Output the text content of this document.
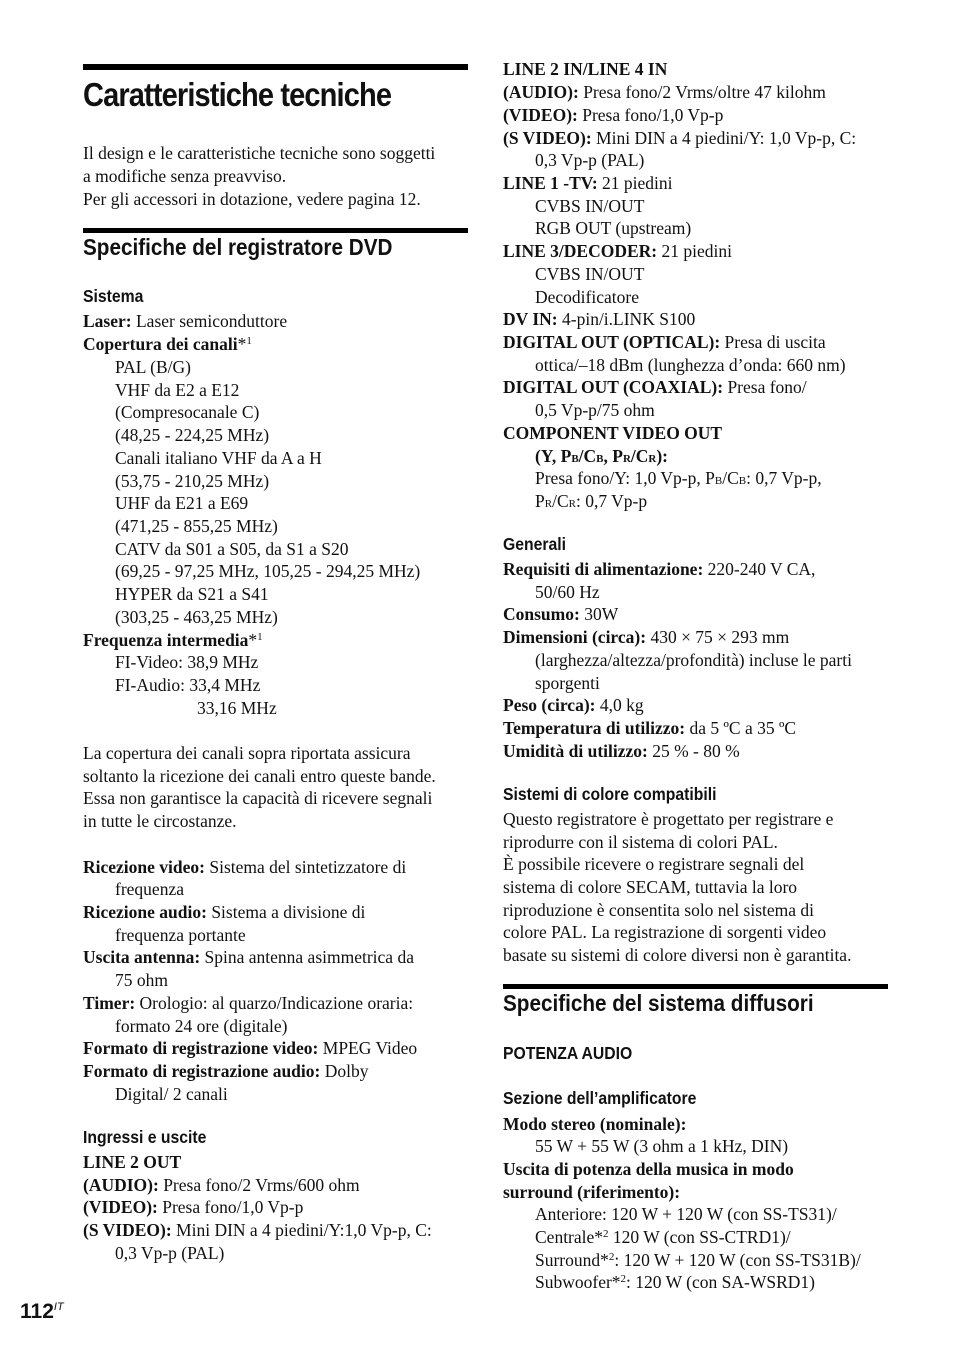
Caratteristiche tecniche
Il design e le caratteristiche tecniche sono soggetti
a modifiche senza preavviso.
Per gli accessori in dotazione, vedere pagina 12.
Specifiche del registratore DVD
Sistema
Laser: Laser semiconduttore
Copertura dei canali*$^1$
PAL (B/G)
VHF da E2 a E12
(Compresocanale C)
(48,25 - 224,25 MHz)
Canali italiano VHF da A a H
(53,75 - 210,25 MHz)
UHF da E21 a E69
(471,25 - 855,25 MHz)
CATV da S01 a S05, da S1 a S20
(69,25 - 97,25 MHz, 105,25 - 294,25 MHz)
HYPER da S21 a S41
(303,25 - 463,25 MHz)
Frequenza intermedia*$^1$
FI-Video: 38,9 MHz
FI-Audio: 33,4 MHz
33,16 MHz
La copertura dei canali sopra riportata assicura
soltanto la ricezione dei canali entro queste bande.
Essa non garantisce la capacità di ricevere segnali
in tutte le circostanze.
Ricezione video: Sistema del sintetizzatore di
frequenza
Ricezione audio: Sistema a divisione di
frequenza portante
Uscita antenna: Spina antenna asimmetrica da
75 ohm
Timer: Orologio: al quarzo/Indicazione oraria:
formato 24 ore (digitale)
Formato di registrazione video: MPEG Video
Formato di registrazione audio: Dolby
Digital/ 2 canali
Ingressi e uscite
LINE 2 OUT
(AUDIO): Presa fono/2 Vrms/600 ohm
(VIDEO): Presa fono/1,0 Vp-p
(S VIDEO): Mini DIN a 4 piedini/Y:1,0 Vp-p, C:
0,3 Vp-p (PAL)
LINE 2 IN/LINE 4 IN
(AUDIO): Presa fono/2 Vrms/oltre 47 kilohm
(VIDEO): Presa fono/1,0 Vp-p
(S VIDEO): Mini DIN a 4 piedini/Y: 1,0 Vp-p, C:
0,3 Vp-p (PAL)
LINE 1 -TV: 21 piedini
CVBS IN/OUT
RGB OUT (upstream)
LINE 3/DECODER: 21 piedini
CVBS IN/OUT
Decodificatore
DV IN: 4-pin/i.LINK S100
DIGITAL OUT (OPTICAL): Presa di uscita
ottica/–18 dBm (lunghezza d’onda: 660 nm)
DIGITAL OUT (COAXIAL): Presa fono/
0,5 Vp-p/75 ohm
COMPONENT VIDEO OUT
(Y, PB/CB, PR/CR):
Presa fono/Y: 1,0 Vp-p, PB/CB: 0,7 Vp-p,
PR/CR: 0,7 Vp-p
Generali
Requisiti di alimentazione: 220-240 V CA,
50/60 Hz
Consumo: 30W
Dimensioni (circa): 430 × 75 × 293 mm
(larghezza/altezza/profondità) incluse le parti
sporgenti
Peso (circa): 4,0 kg
Temperatura di utilizzo: da 5 ºC a 35 ºC
Umidità di utilizzo: 25 % - 80 %
Sistemi di colore compatibili
Questo registratore è progettato per registrare e
riprodurre con il sistema di colori PAL.
È possibile ricevere o registrare segnali del
sistema di colore SECAM, tuttavia la loro
riproduzione è consentita solo nel sistema di
colore PAL. La registrazione di sorgenti video
basate su sistemi di colore diversi non è garantita.
Specifiche del sistema diffusori
POTENZA AUDIO
Sezione dell’amplificatore
Modo stereo (nominale):
55 W + 55 W (3 ohm a 1 kHz, DIN)
Uscita di potenza della musica in modo
surround (riferimento):
Anteriore: 120 W + 120 W (con SS-TS31)/
Centrale*$^2$ 120 W (con SS-CTRD1)/
Surround*$^2$: 120 W + 120 W (con SS-TS31B)/
Subwoofer*$^2$: 120 W (con SA-WSRD1)
$112^{IT}$
